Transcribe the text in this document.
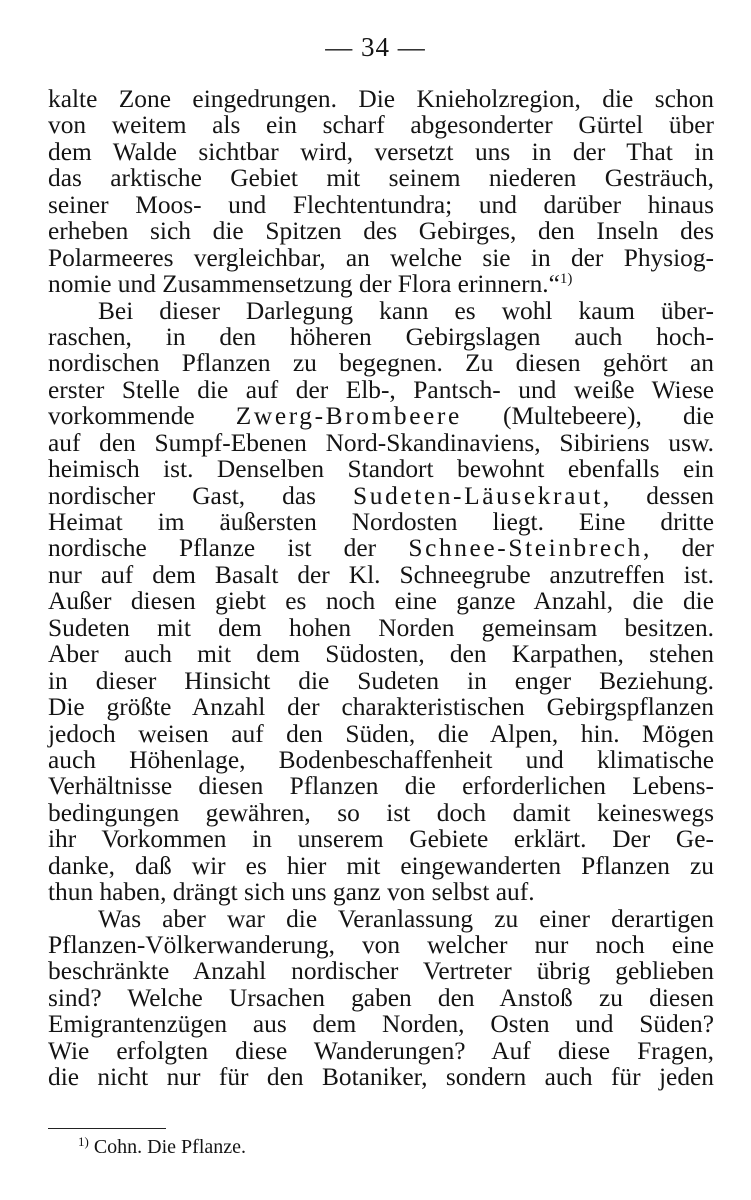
— 34 —
kalte Zone eingedrungen. Die Knieholzregion, die schon
von weitem als ein scharf abgesonderter Gürtel über
dem Walde sichtbar wird, versetzt uns in der That in
das arktische Gebiet mit seinem niederen Gesträuch,
seiner Moos- und Flechtentundra; und darüber hinaus
erheben sich die Spitzen des Gebirges, den Inseln des
Polarmeeres vergleichbar, an welche sie in der Physiog-
nomie und Zusammensetzung der Flora erinnern.“$^{1)}$
Bei dieser Darlegung kann es wohl kaum über-
raschen, in den höheren Gebirgslagen auch hoch-
nordischen Pflanzen zu begegnen. Zu diesen gehört an
erster Stelle die auf der Elb-, Pantsch- und weiße Wiese
vorkommende Zwerg-Brombeere (Multebeere), die
auf den Sumpf-Ebenen Nord-Skandinaviens, Sibiriens usw.
heimisch ist. Denselben Standort bewohnt ebenfalls ein
nordischer Gast, das Sudeten-Läusekraut, dessen
Heimat im äußersten Nordosten liegt. Eine dritte
nordische Pflanze ist der Schnee-Steinbrech, der
nur auf dem Basalt der Kl. Schneegrube anzutreffen ist.
Außer diesen giebt es noch eine ganze Anzahl, die die
Sudeten mit dem hohen Norden gemeinsam besitzen.
Aber auch mit dem Südosten, den Karpathen, stehen
in dieser Hinsicht die Sudeten in enger Beziehung.
Die größte Anzahl der charakteristischen Gebirgspflanzen
jedoch weisen auf den Süden, die Alpen, hin. Mögen
auch Höhenlage, Bodenbeschaffenheit und klimatische
Verhältnisse diesen Pflanzen die erforderlichen Lebens-
bedingungen gewähren, so ist doch damit keineswegs
ihr Vorkommen in unserem Gebiete erklärt. Der Ge-
danke, daß wir es hier mit eingewanderten Pflanzen zu
thun haben, drängt sich uns ganz von selbst auf.
Was aber war die Veranlassung zu einer derartigen
Pflanzen-Völkerwanderung, von welcher nur noch eine
beschränkte Anzahl nordischer Vertreter übrig geblieben
sind? Welche Ursachen gaben den Anstoß zu diesen
Emigrantenzügen aus dem Norden, Osten und Süden?
Wie erfolgten diese Wanderungen? Auf diese Fragen,
die nicht nur für den Botaniker, sondern auch für jeden
$^{1)}$ Cohn. Die Pflanze.
